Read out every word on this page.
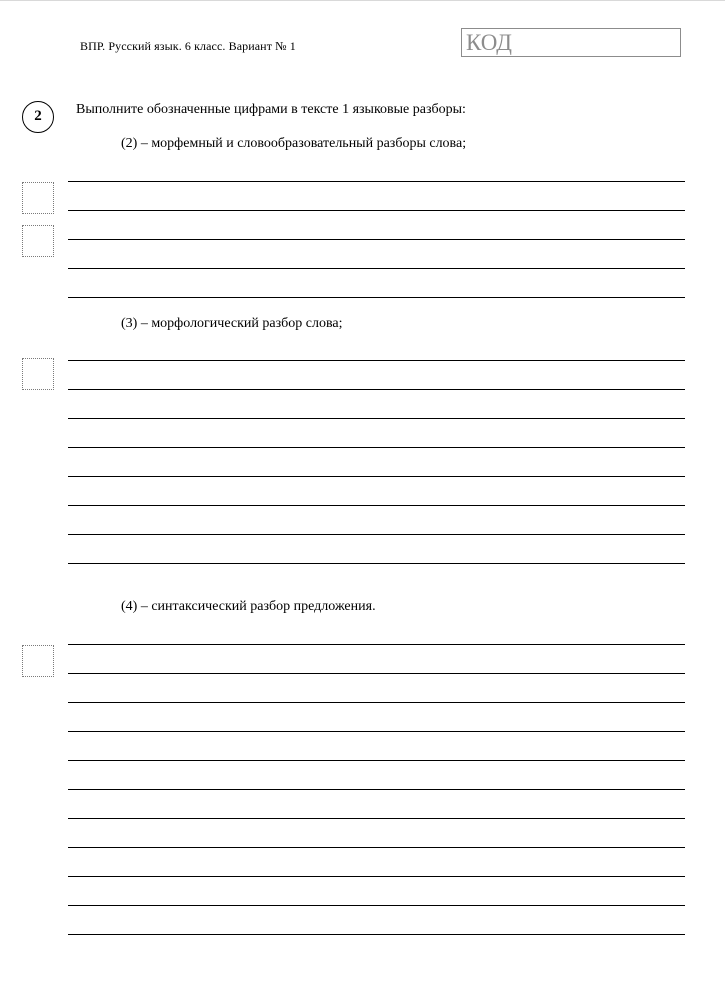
ВПР. Русский язык. 6 класс. Вариант № 1	КОД
2	Выполните обозначенные цифрами в тексте 1 языковые разборы:
(2) – морфемный и словообразовательный разборы слова;
(3) – морфологический разбор слова;
(4) – синтаксический разбор предложения.
